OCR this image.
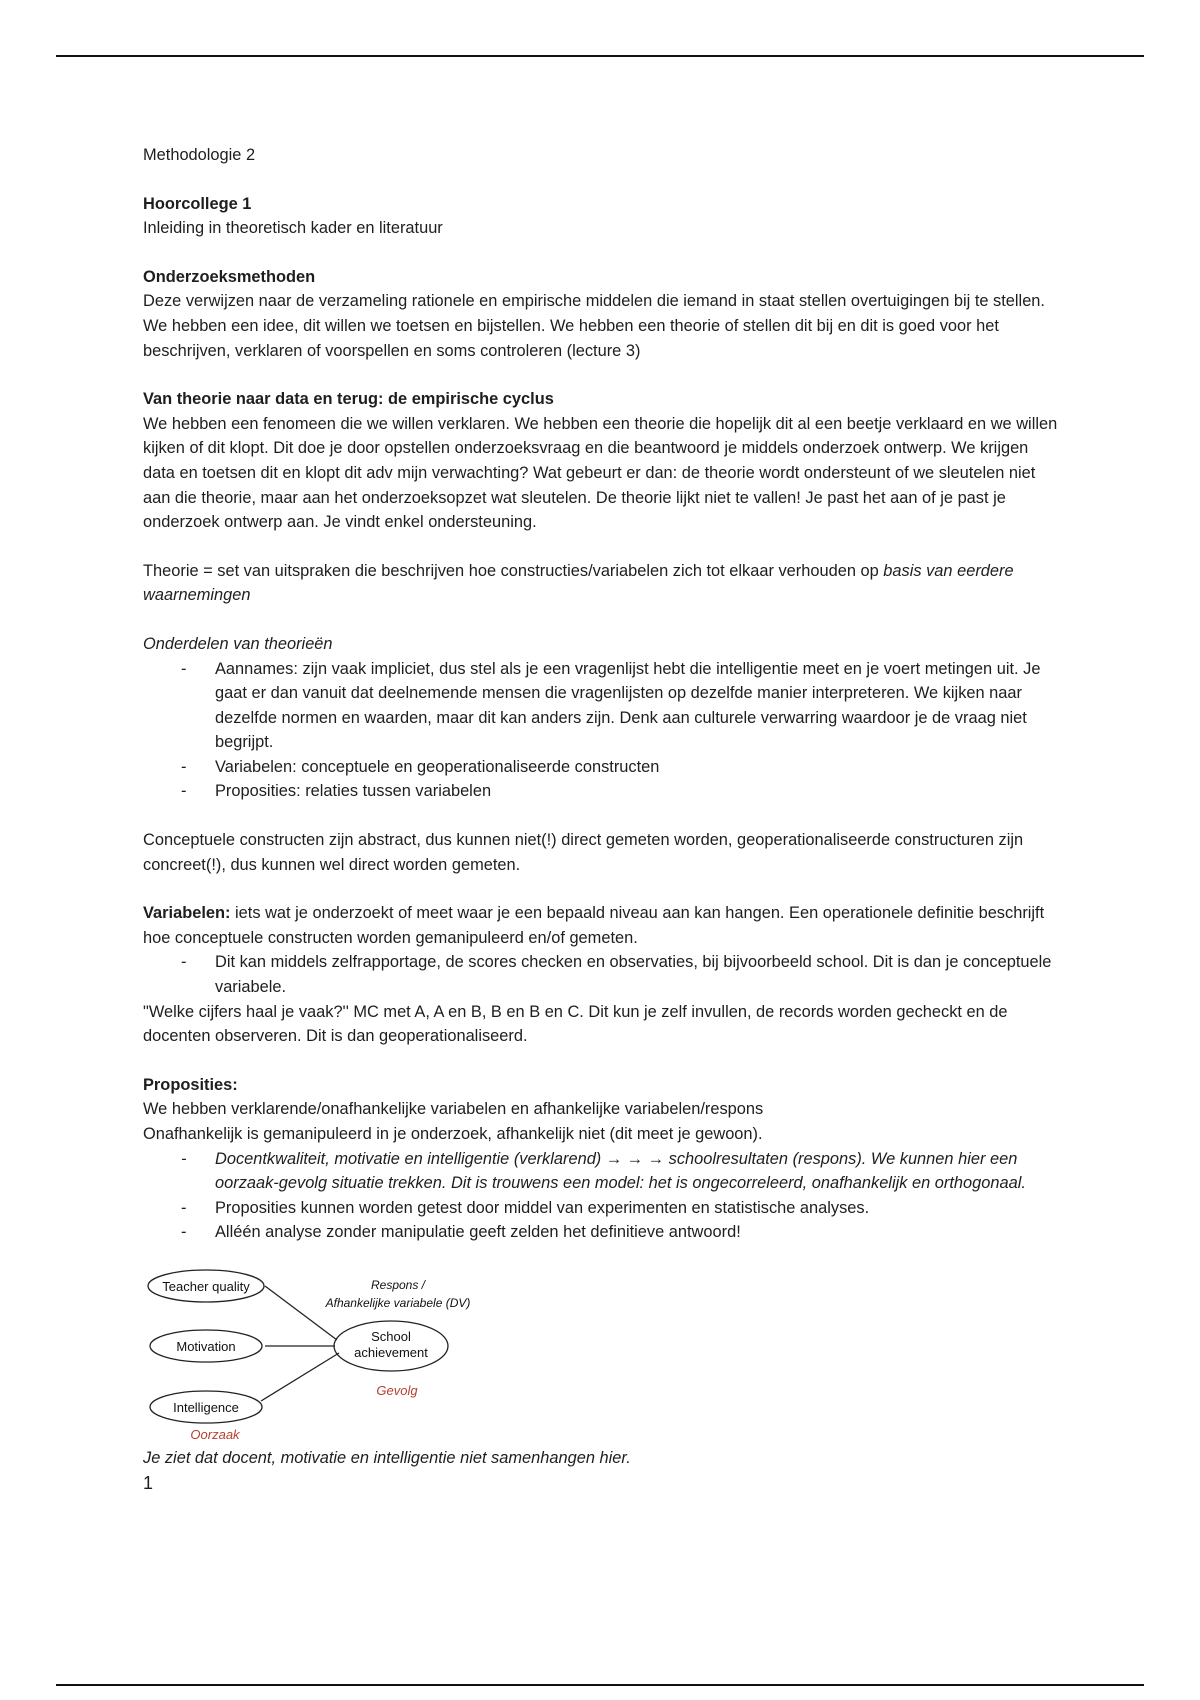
Methodologie 2

Hoorcollege 1

Inleiding in theoretisch kader en literatuur

Onderzoeksmethoden

Deze verwijzen naar de verzameling rationele en empirische middelen die iemand in staat stellen overtuigingen bij te stellen. We hebben een idee, dit willen we toetsen en bijstellen. We hebben een theorie of stellen dit bij en dit is goed voor het beschrijven, verklaren of voorspellen en soms controleren (lecture 3)

Van theorie naar data en terug: de empirische cyclus

We hebben een fenomeen die we willen verklaren. We hebben een theorie die hopelijk dit al een beetje verklaard en we willen kijken of dit klopt. Dit doe je door opstellen onderzoeksvraag en die beantwoord je middels onderzoek ontwerp. We krijgen data en toetsen dit en klopt dit adv mijn verwachting? Wat gebeurt er dan: de theorie wordt ondersteunt of we sleutelen niet aan die theorie, maar aan het onderzoeksopzet wat sleutelen. De theorie lijkt niet te vallen! Je past het aan of je past je onderzoek ontwerp aan. Je vindt enkel ondersteuning.

Theorie = set van uitspraken die beschrijven hoe constructies/variabelen zich tot elkaar verhouden op basis van eerdere waarnemingen

Onderdelen van theorieën

- Aannames: zijn vaak impliciet, dus stel als je een vragenlijst hebt die intelligentie meet en je voert metingen uit. Je gaat er dan vanuit dat deelnemende mensen die vragenlijsten op dezelfde manier interpreteren. We kijken naar dezelfde normen en waarden, maar dit kan anders zijn. Denk aan culturele verwarring waardoor je de vraag niet begrijpt.
- Variabelen: conceptuele en geoperationaliseerde constructen
- Proposities: relaties tussen variabelen

Conceptuele constructen zijn abstract, dus kunnen niet(!) direct gemeten worden, geoperationaliseerde constructuren zijn concreet(!), dus kunnen wel direct worden gemeten.

Variabelen: iets wat je onderzoekt of meet waar je een bepaald niveau aan kan hangen. Een operationele definitie beschrijft hoe conceptuele constructen worden gemanipuleerd en/of gemeten.

- Dit kan middels zelfrapportage, de scores checken en observaties, bij bijvoorbeeld school. Dit is dan je conceptuele variabele.

"Welke cijfers haal je vaak?'' MC met A, A en B, B en B en C. Dit kun je zelf invullen, de records worden gecheckt en de docenten observeren. Dit is dan geoperationaliseerd.

Proposities:

We hebben verklarende/onafhankelijke variabelen en afhankelijke variabelen/respons

Onafhankelijk is gemanipuleerd in je onderzoek, afhankelijk niet (dit meet je gewoon).

- Docentkwaliteit, motivatie en intelligentie (verklarend) → → → schoolresultaten (respons). We kunnen hier een oorzaak-gevolg situatie trekken. Dit is trouwens een model: het is ongecorreleerd, onafhankelijk en orthogonaal.
- Proposities kunnen worden getest door middel van experimenten en statistische analyses.
- Alléén analyse zonder manipulatie geeft zelden het definitieve antwoord!
Teacher quality
Motivation
Intelligence
School
achievement
Respons /
Afhankelijke variabele (DV)
Gevolg
Oorzaak

Je ziet dat docent, motivatie en intelligentie niet samenhangen hier.

1
